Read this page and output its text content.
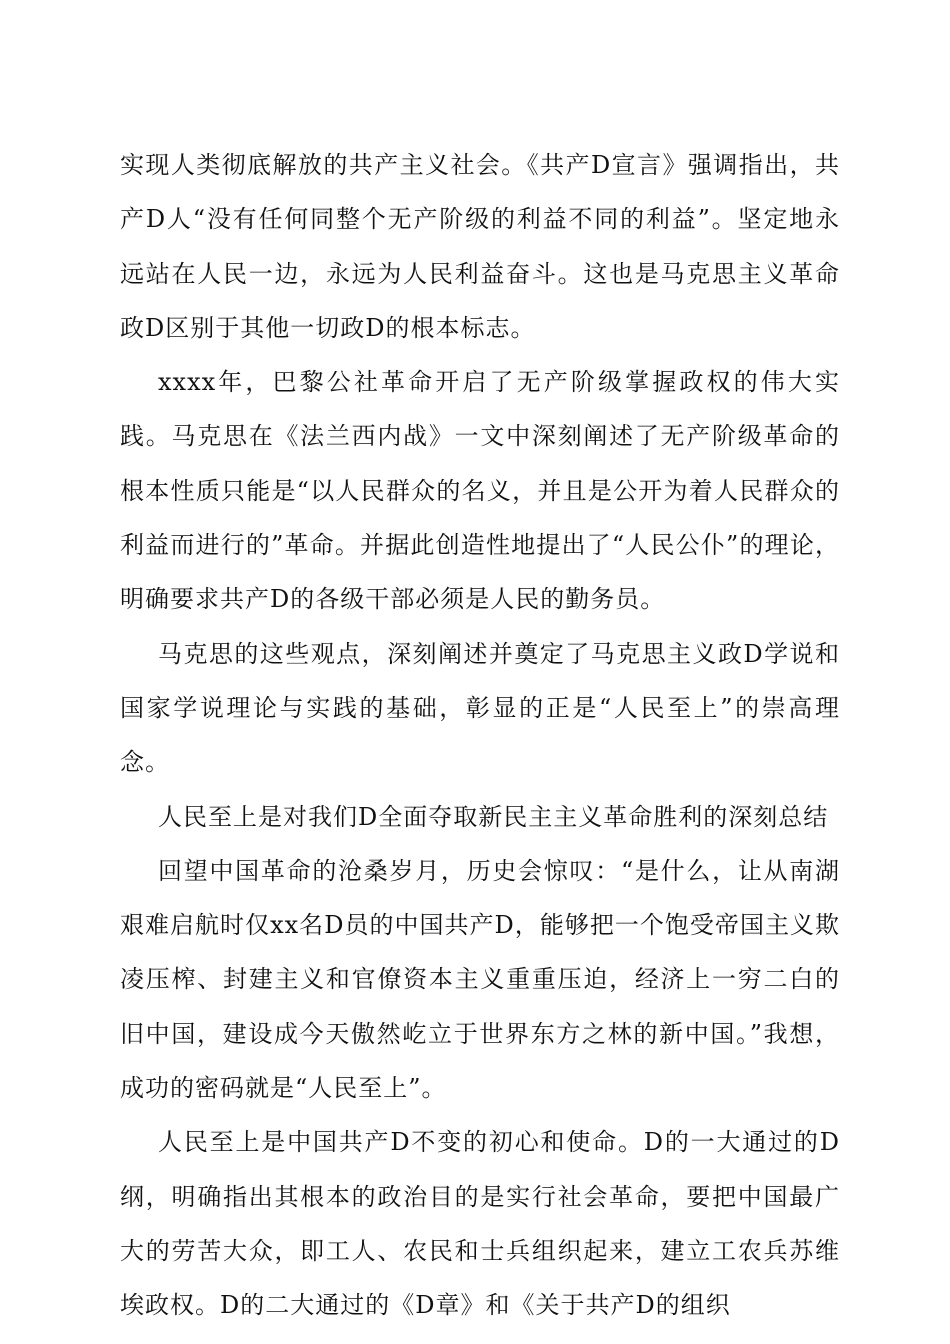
实现人类彻底解放的共产主义社会。《共产D宣言》强调指出，共产D人“没有任何同整个无产阶级的利益不同的利益”。坚定地永远站在人民一边，永远为人民利益奋斗。这也是马克思主义革命政D区别于其他一切政D的根本标志。

xxxx年，巴黎公社革命开启了无产阶级掌握政权的伟大实践。马克思在《法兰西内战》一文中深刻阐述了无产阶级革命的根本性质只能是“以人民群众的名义，并且是公开为着人民群众的利益而进行的”革命。并据此创造性地提出了“人民公仆”的理论，明确要求共产D的各级干部必须是人民的勤务员。

马克思的这些观点，深刻阐述并奠定了马克思主义政D学说和国家学说理论与实践的基础，彰显的正是“人民至上”的崇高理念。

人民至上是对我们D全面夺取新民主主义革命胜利的深刻总结

回望中国革命的沧桑岁月，历史会惊叹：“是什么，让从南湖艰难启航时仅xx名D员的中国共产D，能够把一个饱受帝国主义欺凌压榨、封建主义和官僚资本主义重重压迫，经济上一穷二白的旧中国，建设成今天傲然屹立于世界东方之林的新中国。”我想，成功的密码就是“人民至上”。

人民至上是中国共产D不变的初心和使命。D的一大通过的D纲，明确指出其根本的政治目的是实行社会革命，要把中国最广大的劳苦大众，即工人、农民和士兵组织起来，建立工农兵苏维埃政权。D的二大通过的《D章》和《关于共产D的组织
